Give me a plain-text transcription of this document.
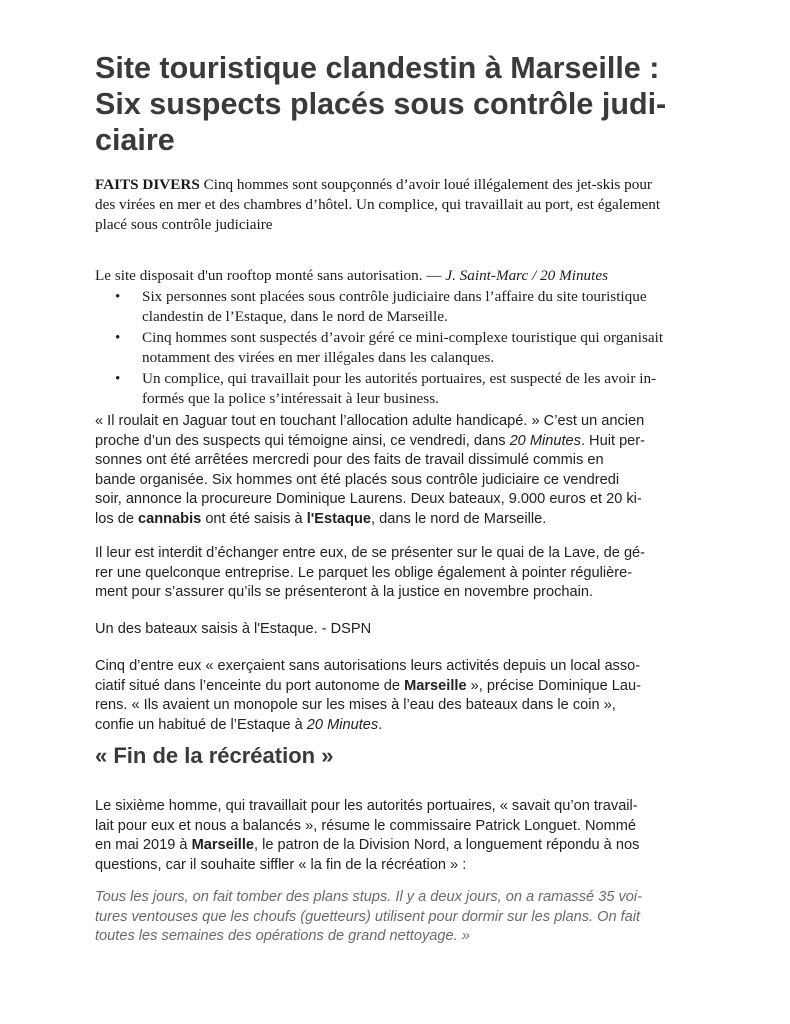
Site touristique clandestin à Marseille :
Six suspects placés sous contrôle judi-
ciaire
FAITS DIVERS Cinq hommes sont soupçonnés d’avoir loué illégalement des jet-skis pour
des virées en mer et des chambres d’hôtel. Un complice, qui travaillait au port, est également
placé sous contrôle judiciaire
Le site disposait d'un rooftop monté sans autorisation. — J. Saint-Marc / 20 Minutes
• Six personnes sont placées sous contrôle judiciaire dans l’affaire du site touristique
clandestin de l’Estaque, dans le nord de Marseille.
• Cinq hommes sont suspectés d’avoir géré ce mini-complexe touristique qui organisait
notamment des virées en mer illégales dans les calanques.
• Un complice, qui travaillait pour les autorités portuaires, est suspecté de les avoir in-
formés que la police s’intéressait à leur business.
« Il roulait en Jaguar tout en touchant l’allocation adulte handicapé. » C’est un ancien
proche d’un des suspects qui témoigne ainsi, ce vendredi, dans 20 Minutes. Huit per-
sonnes ont été arrêtées mercredi pour des faits de travail dissimulé commis en
bande organisée. Six hommes ont été placés sous contrôle judiciaire ce vendredi
soir, annonce la procureure Dominique Laurens. Deux bateaux, 9.000 euros et 20 ki-
los de cannabis ont été saisis à l'Estaque, dans le nord de Marseille.
Il leur est interdit d’échanger entre eux, de se présenter sur le quai de la Lave, de gé-
rer une quelconque entreprise. Le parquet les oblige également à pointer régulière-
ment pour s’assurer qu’ils se présenteront à la justice en novembre prochain.
Un des bateaux saisis à l'Estaque. - DSPN
Cinq d’entre eux « exerçaient sans autorisations leurs activités depuis un local asso-
ciatif situé dans l’enceinte du port autonome de Marseille », précise Dominique Lau-
rens. « Ils avaient un monopole sur les mises à l’eau des bateaux dans le coin »,
confie un habitué de l’Estaque à 20 Minutes.
« Fin de la récréation »
Le sixième homme, qui travaillait pour les autorités portuaires, « savait qu’on travail-
lait pour eux et nous a balancés », résume le commissaire Patrick Longuet. Nommé
en mai 2019 à Marseille, le patron de la Division Nord, a longuement répondu à nos
questions, car il souhaite siffler « la fin de la récréation » :
Tous les jours, on fait tomber des plans stups. Il y a deux jours, on a ramassé 35 voi-
tures ventouses que les choufs (guetteurs) utilisent pour dormir sur les plans. On fait
toutes les semaines des opérations de grand nettoyage. »
